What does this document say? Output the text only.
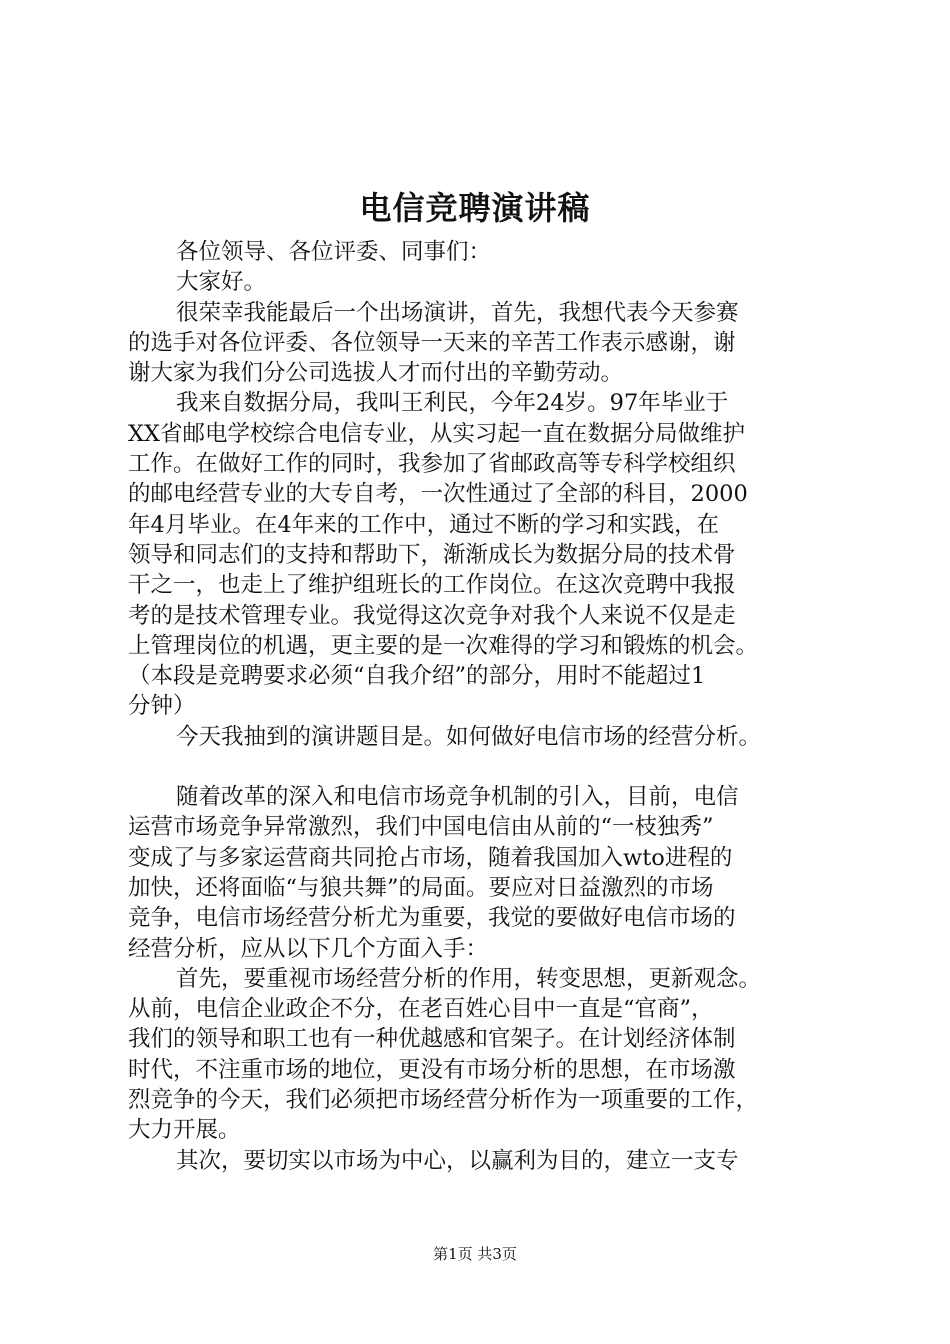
电信竞聘演讲稿

各位领导、各位评委、同事们：

大家好。

很荣幸我能最后一个出场演讲，首先，我想代表今天参赛
的选手对各位评委、各位领导一天来的辛苦工作表示感谢，谢
谢大家为我们分公司选拔人才而付出的辛勤劳动。

我来自数据分局，我叫王利民，今年24岁。97年毕业于
XX省邮电学校综合电信专业，从实习起一直在数据分局做维护
工作。在做好工作的同时，我参加了省邮政高等专科学校组织
的邮电经营专业的大专自考，一次性通过了全部的科目，2000
年4月毕业。在4年来的工作中，通过不断的学习和实践，在
领导和同志们的支持和帮助下，渐渐成长为数据分局的技术骨
干之一，也走上了维护组班长的工作岗位。在这次竞聘中我报
考的是技术管理专业。我觉得这次竞争对我个人来说不仅是走
上管理岗位的机遇，更主要的是一次难得的学习和锻炼的机会。
（本段是竞聘要求必须“自我介绍”的部分，用时不能超过1
分钟）

今天我抽到的演讲题目是。如何做好电信市场的经营分析。

随着改革的深入和电信市场竞争机制的引入，目前，电信
运营市场竞争异常激烈，我们中国电信由从前的“一枝独秀”
变成了与多家运营商共同抢占市场，随着我国加入wto进程的
加快，还将面临“与狼共舞”的局面。要应对日益激烈的市场
竞争，电信市场经营分析尤为重要，我觉的要做好电信市场的
经营分析，应从以下几个方面入手：

首先，要重视市场经营分析的作用，转变思想，更新观念。
从前，电信企业政企不分，在老百姓心目中一直是“官商”，
我们的领导和职工也有一种优越感和官架子。在计划经济体制
时代，不注重市场的地位，更没有市场分析的思想，在市场激
烈竞争的今天，我们必须把市场经营分析作为一项重要的工作，
大力开展。

其次，要切实以市场为中心，以赢利为目的，建立一支专

第1页 共3页
